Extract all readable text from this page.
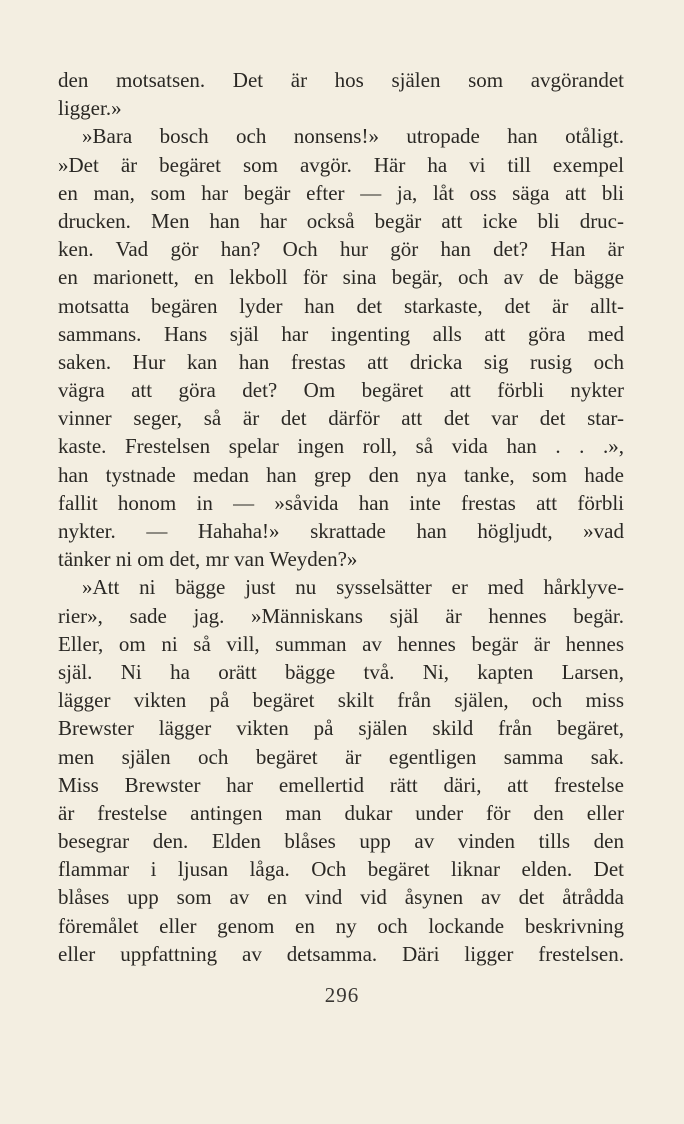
den motsatsen. Det är hos själen som avgörandet
ligger.»
»Bara bosch och nonsens!» utropade han otåligt.
»Det är begäret som avgör. Här ha vi till exempel
en man, som har begär efter — ja, låt oss säga att bli
drucken. Men han har också begär att icke bli druc-
ken. Vad gör han? Och hur gör han det? Han är
en marionett, en lekboll för sina begär, och av de bägge
motsatta begären lyder han det starkaste, det är allt-
sammans. Hans själ har ingenting alls att göra med
saken. Hur kan han frestas att dricka sig rusig och
vägra att göra det? Om begäret att förbli nykter
vinner seger, så är det därför att det var det star-
kaste. Frestelsen spelar ingen roll, så vida han . . .»,
han tystnade medan han grep den nya tanke, som hade
fallit honom in — »såvida han inte frestas att förbli
nykter. — Hahaha!» skrattade han högljudt, »vad
tänker ni om det, mr van Weyden?»
»Att ni bägge just nu sysselsätter er med hårklyve-
rier», sade jag. »Människans själ är hennes begär.
Eller, om ni så vill, summan av hennes begär är hennes
själ. Ni ha orätt bägge två. Ni, kapten Larsen,
lägger vikten på begäret skilt från själen, och miss
Brewster lägger vikten på själen skild från begäret,
men själen och begäret är egentligen samma sak.
Miss Brewster har emellertid rätt däri, att frestelse
är frestelse antingen man dukar under för den eller
besegrar den. Elden blåses upp av vinden tills den
flammar i ljusan låga. Och begäret liknar elden. Det
blåses upp som av en vind vid åsynen av det åtrådda
föremålet eller genom en ny och lockande beskrivning
eller uppfattning av detsamma. Däri ligger frestelsen.
296
